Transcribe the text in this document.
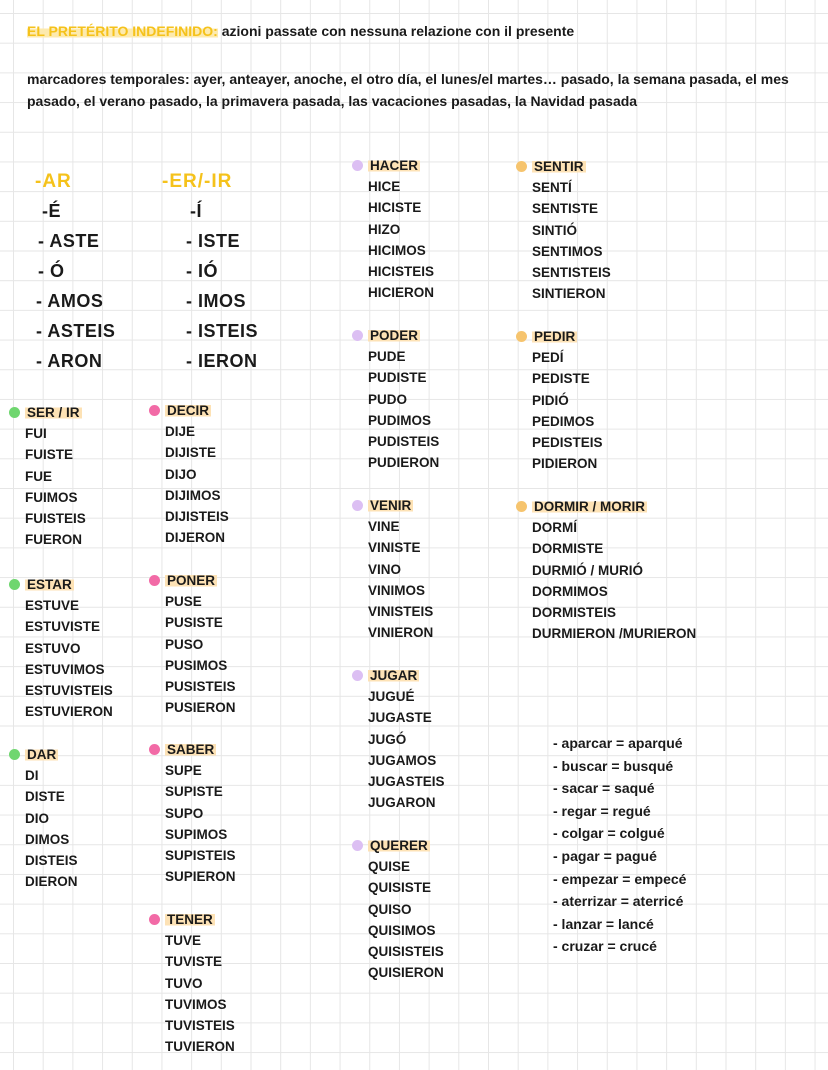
EL PRETÉRITO INDEFINIDO: azioni passate con nessuna relazione con il presente
marcadores temporales: ayer, anteayer, anoche, el otro día, el lunes/el martes… pasado, la semana pasada, el mes pasado, el verano pasado, la primavera pasada, las vacaciones pasadas, la Navidad pasada
-AR	-ER/-IR
-É
- ASTE
- Ó
- AMOS
- ASTEIS
- ARON
-Í
- ISTE
- IÓ
- IMOS
- ISTEIS
- IERON
SER / IR
FUI
FUISTE
FUE
FUIMOS
FUISTEIS
FUERON
ESTAR
ESTUVE
ESTUVISTE
ESTUVO
ESTUVIMOS
ESTUVISTEIS
ESTUVIERON
DAR
DI
DISTE
DIO
DIMOS
DISTEIS
DIERON
DECIR
DIJE
DIJISTE
DIJO
DIJIMOS
DIJISTEIS
DIJERON
PONER
PUSE
PUSISTE
PUSO
PUSIMOS
PUSISTEIS
PUSIERON
SABER
SUPE
SUPISTE
SUPO
SUPIMOS
SUPISTEIS
SUPIERON
TENER
TUVE
TUVISTE
TUVO
TUVIMOS
TUVISTEIS
TUVIERON
HACER
HICE
HICISTE
HIZO
HICIMOS
HICISTEIS
HICIERON
PODER
PUDE
PUDISTE
PUDO
PUDIMOS
PUDISTEIS
PUDIERON
VENIR
VINE
VINISTE
VINO
VINIMOS
VINISTEIS
VINIERON
JUGAR
JUGUÉ
JUGASTE
JUGÓ
JUGAMOS
JUGASTEIS
JUGARON
QUERER
QUISE
QUISISTE
QUISO
QUISIMOS
QUISISTEIS
QUISIERON
SENTIR
SENTÍ
SENTISTE
SINTIÓ
SENTIMOS
SENTISTEIS
SINTIERON
PEDIR
PEDÍ
PEDISTE
PIDIÓ
PEDIMOS
PEDISTEIS
PIDIERON
DORMIR / MORIR
DORMÍ
DORMISTE
DURMIÓ / MURIÓ
DORMIMOS
DORMISTEIS
DURMIERON /MURIERON
- aparcar = aparqué
- buscar = busqué
- sacar = saqué
- regar = regué
- colgar = colgué
- pagar = pagué
- empezar = empecé
- aterrizar = aterricé
- lanzar = lancé
- cruzar = crucé
